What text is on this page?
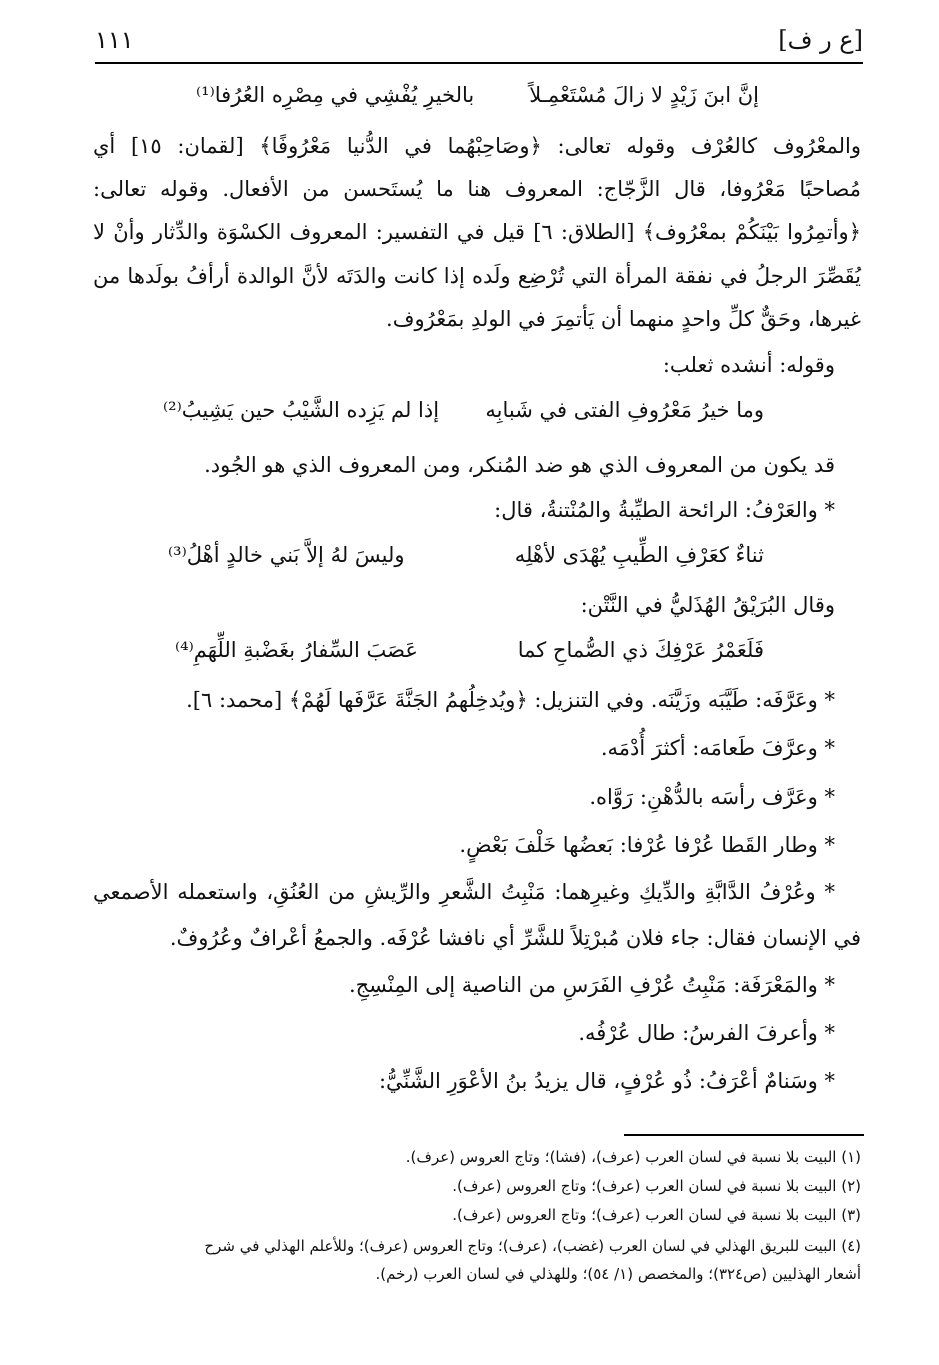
١١١	[ع ر ف]
إنَّ ابنَ زَيْدٍ لا زالَ مُسْتَعْمِـلاً
بالخيرِ يُفْشِي في مِصْرِه العُرُفا⁽¹⁾
والمعْرُوف كالعُرْف وقوله تعالى: ﴿وصَاحِبْهُما في الدُّنيا مَعْرُوفًا﴾ [لقمان: ١٥] أي
مُصاحبًا مَعْرُوفا، قال الزَّجّاج: المعروف هنا ما يُستَحسن من الأفعال. وقوله تعالى:
﴿وأتمِرُوا بَيْنَكُمْ بمعْرُوف﴾ [الطلاق: ٦] قيل في التفسير: المعروف الكسْوَة والدِّثار وأنْ لا
يُقَصِّرَ الرجلُ في نفقة المرأة التي تُرْضِع ولَده إذا كانت والدَتَه لأنَّ الوالدة أرأفُ بولَدها من
غيرها، وحَقٌّ كلِّ واحدٍ منهما أن يَأتمِرَ في الولدِ بمَعْرُوف.
وقوله: أنشده ثعلب:
وما خيرُ مَعْرُوفِ الفتى في شَبابِه
إذا لم يَزِده الشَّيْبُ حين يَشِيبُ⁽²⁾
قد يكون من المعروف الذي هو ضد المُنكر، ومن المعروف الذي هو الجُود.
* والعَرْفُ: الرائحة الطيِّبةُ والمُنْتنةُ، قال:
ثناءٌ كعَرْفِ الطِّيبِ يُهْدَى لأهْلِه
وليسَ لهُ إلاَّ بَني خالدٍ أهْلُ⁽³⁾
وقال البُرَيْقُ الهُذَليُّ في النَّتْن:
فَلَعَمْرُ عَرْفِكَ ذي الصُّماحِ كما
عَصَبَ السِّفارُ بغَضْبةِ اللِّهَمِ⁽⁴⁾
* وعَرَّفَه: طَيَّبَه وزَيَّنَه. وفي التنزيل: ﴿ويُدخِلُهمُ الجَنَّةَ عَرَّفَها لَهُمْ﴾ [محمد: ٦].
* وعرَّفَ طَعامَه: أكثرَ أُدْمَه.
* وعَرَّف رأسَه بالدُّهْنِ: رَوَّاه.
* وطار القَطا عُرْفا عُرْفا: بَعضُها خَلْفَ بَعْضٍ.
* وعُرْفُ الدَّابَّةِ والدِّيكِ وغيرِهما: مَنْبِتُ الشَّعرِ والرِّيشِ من العُنُقِ، واستعمله الأصمعي
في الإنسان فقال: جاء فلان مُبرْتِلاً للشَّرِّ أي نافشا عُرْفَه. والجمعُ أعْرافٌ وعُرُوفٌ.
* والمَعْرَفَة: مَنْبِتُ عُرْفِ الفَرَسِ من الناصية إلى المِنْسِجِ.
* وأعرفَ الفرسُ: طال عُرْفُه.
* وسَنامٌ أعْرَفُ: ذُو عُرْفٍ، قال يزيدُ بنُ الأعْوَرِ الشَّنِّيُّ:
(١) البيت بلا نسبة في لسان العرب (عرف)، (فشا)؛ وتاج العروس (عرف).
(٢) البيت بلا نسبة في لسان العرب (عرف)؛ وتاج العروس (عرف).
(٣) البيت بلا نسبة في لسان العرب (عرف)؛ وتاج العروس (عرف).
(٤) البيت للبريق الهذلي في لسان العرب (غضب)، (عرف)؛ وتاج العروس (عرف)؛ وللأعلم الهذلي في شرح
أشعار الهذليين (ص٣٢٤)؛ والمخصص (١/ ٥٤)؛ وللهذلي في لسان العرب (رخم).
